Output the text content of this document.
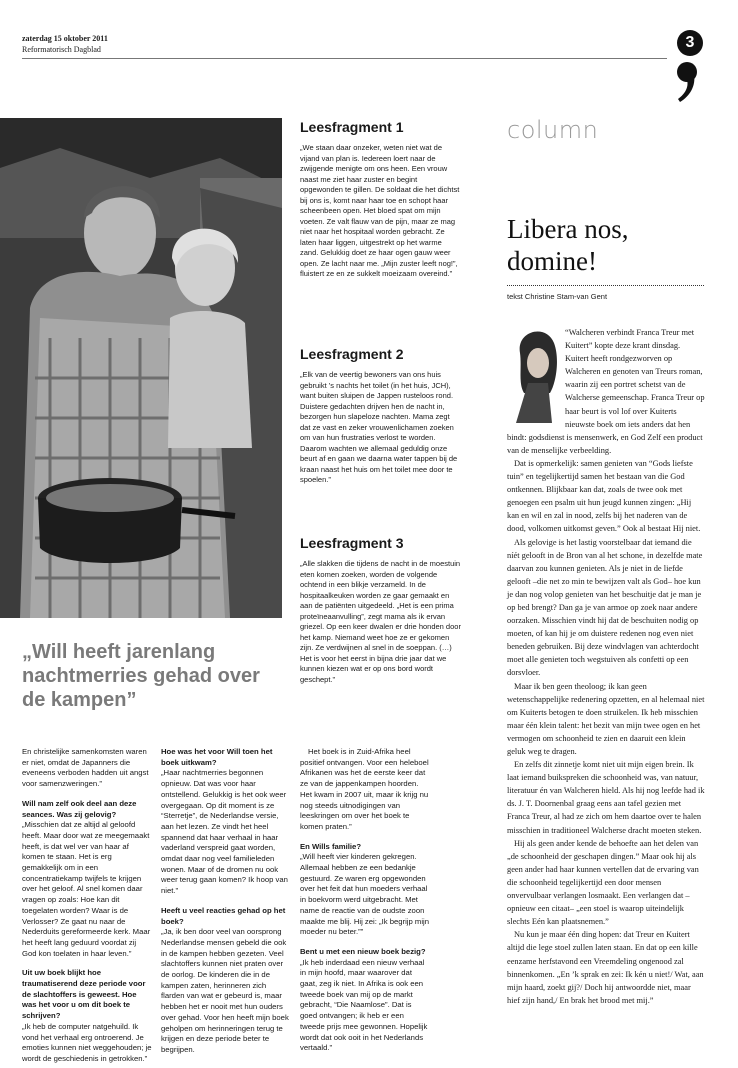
zaterdag 15 oktober 2011
Reformatorisch Dagblad	3
„Will heeft jarenlang nachtmerries gehad over de kampen”
Leesfragment 1

„We staan daar onzeker, weten niet wat de vijand van plan is. Iedereen loert naar de zwijgende menigte om ons heen. Een vrouw naast me ziet haar zuster en begint opgewonden te gillen. De soldaat die het dichtst bij ons is, komt naar haar toe en schopt haar scheenbeen open. Het bloed spat om mijn voeten. Ze valt flauw van de pijn, maar ze mag niet naar het hospitaal worden gebracht. Ze laten haar liggen, uitgestrekt op het warme zand. Gelukkig doet ze haar ogen gauw weer open. Ze lacht naar me. „Mijn zuster leeft nog!”, fluistert ze en ze sukkelt moeizaam overeind.”

Leesfragment 2

„Elk van de veertig bewoners van ons huis gebruikt ’s nachts het toilet (in het huis, JCH), want buiten sluipen de Jappen rusteloos rond. Duistere gedachten drijven hen de nacht in, bezorgen hun slapeloze nachten. Mama zegt dat ze vast en zeker vrouwenlichamen zoeken om van hun frustraties verlost te worden. Daarom wachten we allemaal geduldig onze beurt af en gaan we daarna water tappen bij de kraan naast het huis om het toilet mee door te spoelen.”

Leesfragment 3

„Alle slakken die tijdens de nacht in de moestuin eten komen zoeken, worden de volgende ochtend in een blikje verzameld. In de hospitaalkeuken worden ze gaar gemaakt en aan de patiënten uitgedeeld. „Het is een prima proteïneaanvulling”, zegt mama als ik ervan griezel. Op een keer dwalen er drie honden door het kamp. Niemand weet hoe ze er gekomen zijn. Ze verdwijnen al snel in de soeppan. (…) Het is voor het eerst in bijna drie jaar dat we kunnen kiezen wat er op ons bord wordt geschept.”

column
Libera nos, domine!
tekst Christine Stam-van Gent

“Walcheren verbindt Franca Treur met Kuitert” kopte deze krant dinsdag. Kuitert heeft rondgezworven op Walcheren en genoten van Treurs roman, waarin zij een portret schetst van de Walcherse gemeenschap. Franca Treur op haar beurt is vol lof over Kuiterts nieuwste boek om iets anders dat hen bindt: godsdienst is mensenwerk, en God Zelf een product van de menselijke verbeelding.

Dat is opmerkelijk: samen genieten van “Gods liefste tuin” en tegelijkertijd samen het bestaan van die God ontkennen. Blijkbaar kan dat, zoals de twee ook met genoegen een psalm uit hun jeugd kunnen zingen: „Hij kan en wil en zal in nood, zelfs bij het naderen van de dood, volkomen uitkomst geven.” Ook al bestaat Hij niet.

Als gelovige is het lastig voorstelbaar dat iemand die níét gelooft in de Bron van al het schone, in dezelfde mate daarvan zou kunnen genieten. Als je niet in de liefde gelooft –die net zo min te bewijzen valt als God– hoe kun je dan nog volop genieten van het beschuitje dat je man je op bed brengt? Dan ga je van armoe op zoek naar andere oorzaken. Misschien vindt hij dat de beschuiten nodig op moeten, of kan hij je om duistere redenen nog even niet beneden gebruiken. Bij deze windvlagen van achterdocht moet alle genieten toch wegstuiven als confetti op een dorsvloer.

Maar ik ben geen theoloog; ik kan geen wetenschappelijke redenering opzetten, en al helemaal niet om Kuiterts betogen te doen struikelen. Ik heb misschien maar één klein talent: het bezit van mijn twee ogen en het vermogen om schoonheid te zien en daaruit een klein geluk weg te dragen.

En zelfs dit zinnetje komt niet uit mijn eigen brein. Ik laat iemand buikspreken die schoonheid was, van natuur, literatuur én van Walcheren hield. Als hij nog leefde had ik ds. J. T. Doornenbal graag eens aan tafel gezien met Franca Treur, al had ze zich om hem daartoe over te halen misschien in traditioneel Walcherse dracht moeten steken.

Hij als geen ander kende de behoefte aan het delen van „de schoonheid der geschapen dingen.” Maar ook hij als geen ander had haar kunnen vertellen dat de ervaring van die schoonheid tegelijkertijd een door mensen onvervulbaar verlangen losmaakt. Een verlangen dat –opnieuw een citaat– „een stoel is waarop uiteindelijk slechts Eén kan plaatsnemen.”

Nu kun je maar één ding hopen: dat Treur en Kuitert altijd die lege stoel zullen laten staan. En dat op een kille eenzame herfstavond een Vreemdeling ongenood zal binnenkomen. „En ’k sprak en zei: Ik kén u niet!/ Wat, aan mijn haard, zoekt gij?/ Doch hij antwoordde niet, maar hief zijn hand,/ En brak het brood met mij.”

En christelijke samenkomsten waren er niet, omdat de Japanners die eveneens verboden hadden uit angst voor samenzweringen.”

Will nam zelf ook deel aan deze seances. Was zij gelovig?

„Misschien dat ze altijd al geloofd heeft. Maar door wat ze meegemaakt heeft, is dat wel ver van haar af komen te staan. Het is erg gemakkelijk om in een concentratiekamp twijfels te krijgen over het geloof. Al snel komen daar vragen op zoals: Hoe kan dit toegelaten worden? Waar is de Verlosser? Ze gaat nu naar de Nederduits gereformeerde kerk. Maar het heeft lang geduurd voordat zij God kon toelaten in haar leven.”

Uit uw boek blijkt hoe traumatiserend deze periode voor de slachtoffers is geweest. Hoe was het voor u om dit boek te schrijven?

„Ik heb de computer natgehuild. Ik vond het verhaal erg ontroerend. Je emoties kunnen niet weggehouden; je wordt de geschiedenis in getrokken.”

Hoe was het voor Will toen het boek uitkwam?

„Haar nachtmerries begonnen opnieuw. Dat was voor haar ontstellend. Gelukkig is het ook weer overgegaan. Op dit moment is ze “Sterretje”, de Nederlandse versie, aan het lezen. Ze vindt het heel spannend dat haar verhaal in haar vaderland verspreid gaat worden, omdat daar nog veel familieleden wonen. Maar of de dromen nu ook weer terug gaan komen? Ik hoop van niet.”

Heeft u veel reacties gehad op het boek?

„Ja, ik ben door veel van oorsprong Nederlandse mensen gebeld die ook in de kampen hebben gezeten. Veel slachtoffers kunnen niet praten over de oorlog. De kinderen die in de kampen zaten, herinneren zich flarden van wat er gebeurd is, maar hebben het er nooit met hun ouders over gehad. Voor hen heeft mijn boek geholpen om herinneringen terug te krijgen en deze periode beter te begrijpen.

Het boek is in Zuid-Afrika heel positief ontvangen. Voor een heleboel Afrikanen was het de eerste keer dat ze van de jappenkampen hoorden. Het kwam in 2007 uit, maar ik krijg nu nog steeds uitnodigingen van leeskringen om over het boek te komen praten.”

En Wills familie?

„Will heeft vier kinderen gekregen. Allemaal hebben ze een bedankje gestuurd. Ze waren erg opgewonden over het feit dat hun moeders verhaal in boekvorm werd uitgebracht. Met name de reactie van de oudste zoon maakte me blij. Hij zei: „Ik begrijp mijn moeder nu beter.””

Bent u met een nieuw boek bezig?

„Ik heb inderdaad een nieuw verhaal in mijn hoofd, maar waarover dat gaat, zeg ik niet. In Afrika is ook een tweede boek van mij op de markt gebracht, “Die Naamlose”. Dat is goed ontvangen; ik heb er een tweede prijs mee gewonnen. Hopelijk wordt dat ook ooit in het Nederlands vertaald.”
